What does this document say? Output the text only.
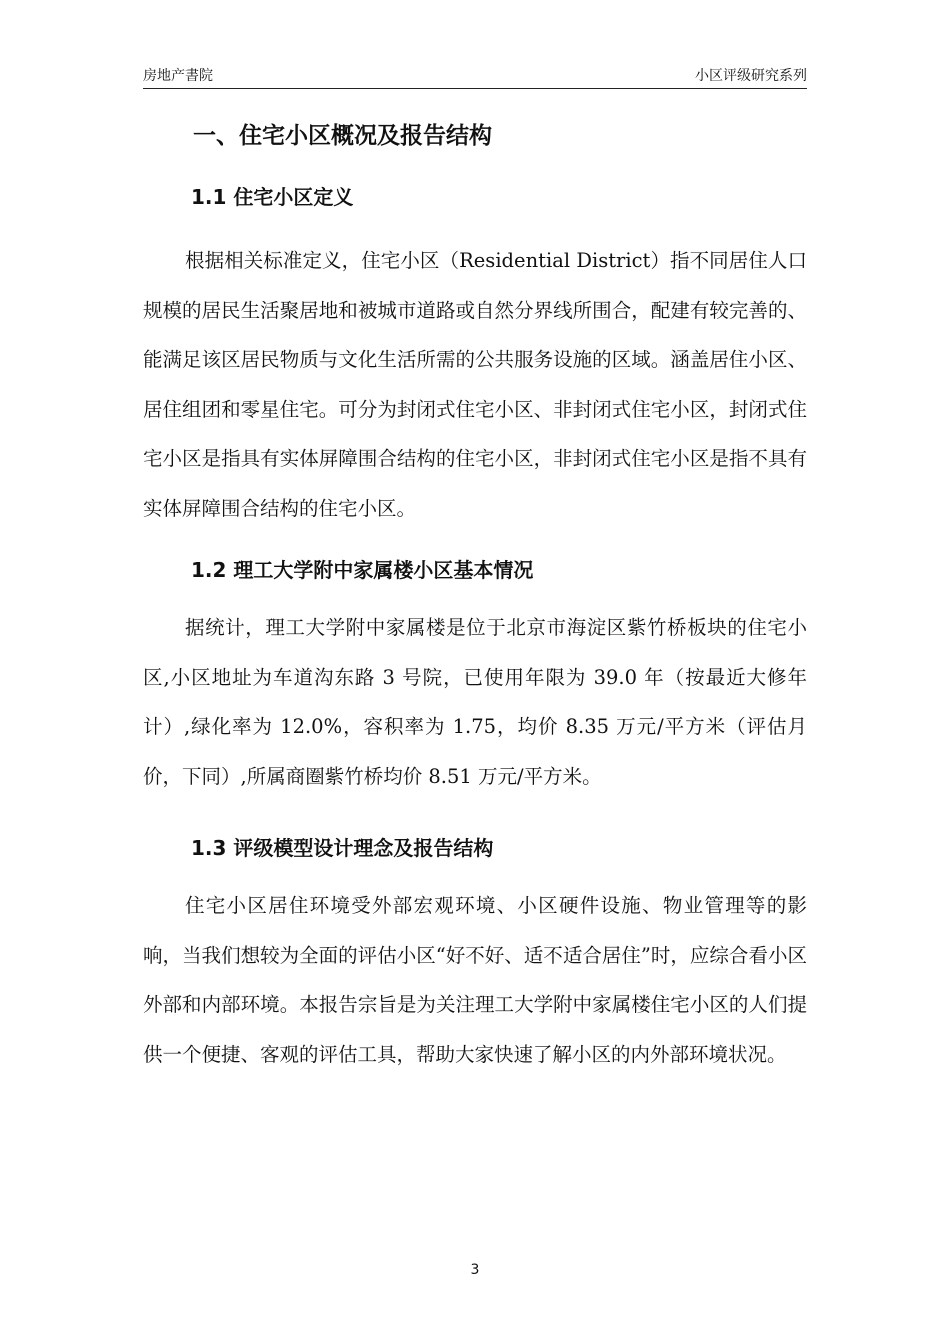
房地产書院	小区评级研究系列
一、住宅小区概况及报告结构
1.1 住宅小区定义

根据相关标准定义，住宅小区（Residential District）指不同居住人口规模的居民生活聚居地和被城市道路或自然分界线所围合，配建有较完善的、能满足该区居民物质与文化生活所需的公共服务设施的区域。涵盖居住小区、居住组团和零星住宅。可分为封闭式住宅小区、非封闭式住宅小区，封闭式住宅小区是指具有实体屏障围合结构的住宅小区，非封闭式住宅小区是指不具有实体屏障围合结构的住宅小区。

1.2 理工大学附中家属楼小区基本情况

据统计，理工大学附中家属楼是位于北京市海淀区紫竹桥板块的住宅小区,小区地址为车道沟东路 3 号院，已使用年限为 39.0 年（按最近大修年计）,绿化率为 12.0%，容积率为 1.75，均价 8.35 万元/平方米（评估月价，下同）,所属商圈紫竹桥均价 8.51 万元/平方米。

1.3 评级模型设计理念及报告结构

住宅小区居住环境受外部宏观环境、小区硬件设施、物业管理等的影响，当我们想较为全面的评估小区“好不好、适不适合居住”时，应综合看小区外部和内部环境。本报告宗旨是为关注理工大学附中家属楼住宅小区的人们提供一个便捷、客观的评估工具，帮助大家快速了解小区的内外部环境状况。

3
